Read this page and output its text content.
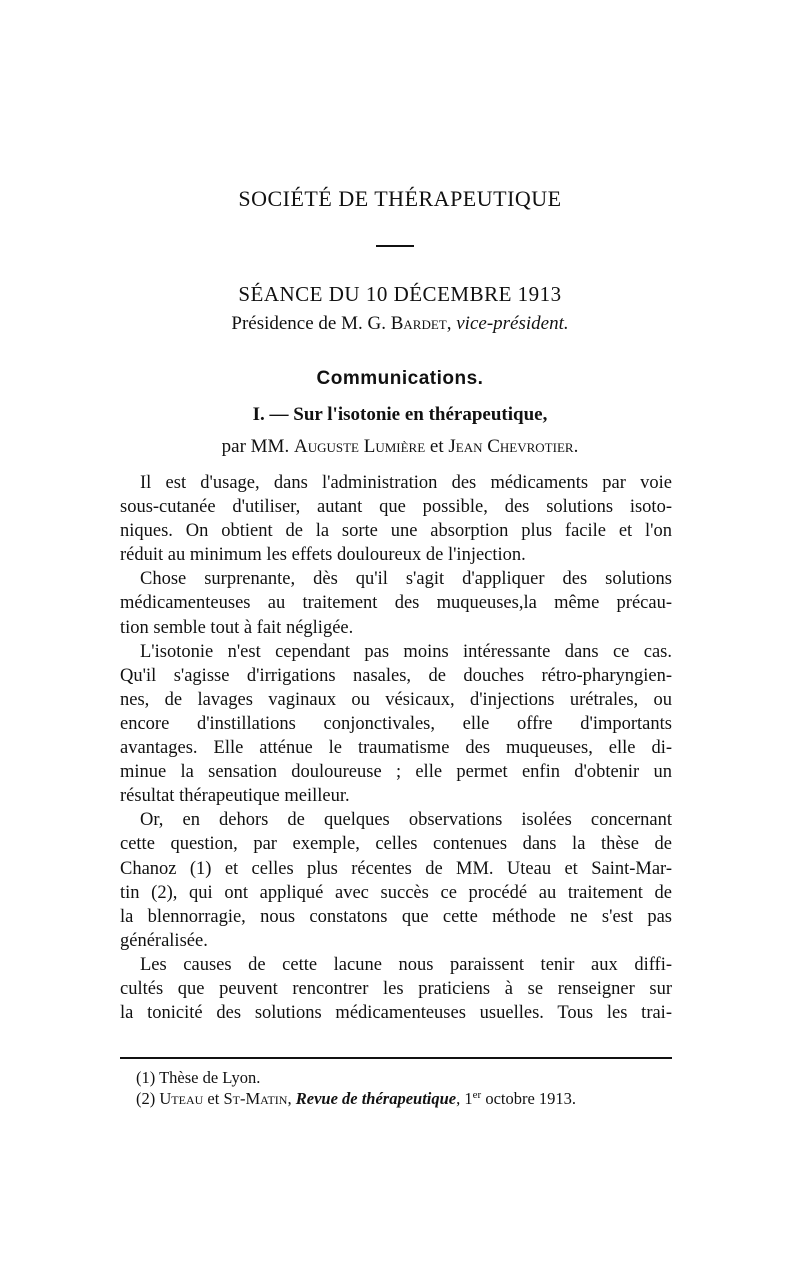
SOCIÉTÉ DE THÉRAPEUTIQUE
SÉANCE DU 10 DÉCEMBRE 1913
Présidence de M. G. Bardet, vice-président.
Communications.
I. — Sur l'isotonie en thérapeutique,
par MM. Auguste Lumière et Jean Chevrotier.
Il est d'usage, dans l'administration des médicaments par voie
sous-cutanée d'utiliser, autant que possible, des solutions isoto-
niques. On obtient de la sorte une absorption plus facile et l'on
réduit au minimum les effets douloureux de l'injection.
Chose surprenante, dès qu'il s'agit d'appliquer des solutions
médicamenteuses au traitement des muqueuses,la même précau-
tion semble tout à fait négligée.
L'isotonie n'est cependant pas moins intéressante dans ce cas.
Qu'il s'agisse d'irrigations nasales, de douches rétro-pharyngien-
nes, de lavages vaginaux ou vésicaux, d'injections urétrales, ou
encore d'instillations conjonctivales, elle offre d'importants
avantages. Elle atténue le traumatisme des muqueuses, elle di-
minue la sensation douloureuse ; elle permet enfin d'obtenir un
résultat thérapeutique meilleur.
Or, en dehors de quelques observations isolées concernant
cette question, par exemple, celles contenues dans la thèse de
Chanoz (1) et celles plus récentes de MM. Uteau et Saint-Mar-
tin (2), qui ont appliqué avec succès ce procédé au traitement de
la blennorragie, nous constatons que cette méthode ne s'est pas
généralisée.
Les causes de cette lacune nous paraissent tenir aux diffi-
cultés que peuvent rencontrer les praticiens à se renseigner sur
la tonicité des solutions médicamenteuses usuelles. Tous les trai-
(1) Thèse de Lyon.
(2) Uteau et St-Matin, Revue de thérapeutique, 1er octobre 1913.
